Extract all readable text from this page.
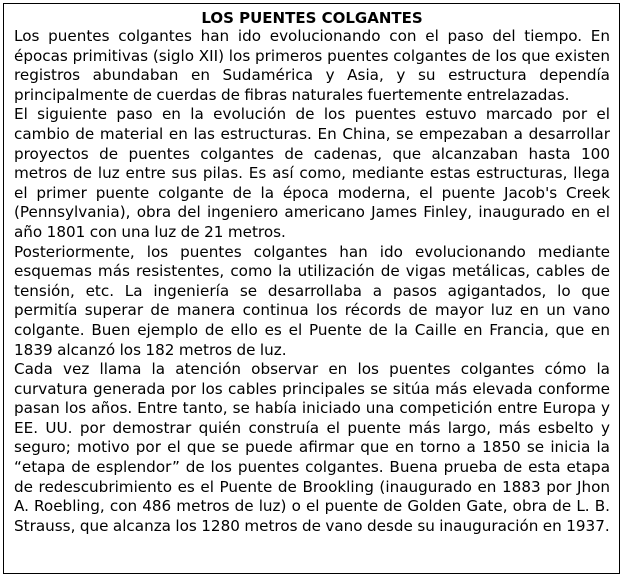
LOS PUENTES COLGANTES

Los puentes colgantes han ido evolucionando con el paso del tiempo. En épocas primitivas (siglo XII) los primeros puentes colgantes de los que existen registros abundaban en Sudamérica y Asia, y su estructura dependía principalmente de cuerdas de fibras naturales fuertemente entrelazadas.

El siguiente paso en la evolución de los puentes estuvo marcado por el cambio de material en las estructuras. En China, se empezaban a desarrollar proyectos de puentes colgantes de cadenas, que alcanzaban hasta 100 metros de luz entre sus pilas. Es así como, mediante estas estructuras, llega el primer puente colgante de la época moderna, el puente Jacob's Creek (Pennsylvania), obra del ingeniero americano James Finley, inaugurado en el año 1801 con una luz de 21 metros.

Posteriormente, los puentes colgantes han ido evolucionando mediante esquemas más resistentes, como la utilización de vigas metálicas, cables de tensión, etc. La ingeniería se desarrollaba a pasos agigantados, lo que permitía superar de manera continua los récords de mayor luz en un vano colgante. Buen ejemplo de ello es el Puente de la Caille en Francia, que en 1839 alcanzó los 182 metros de luz.

Cada vez llama la atención observar en los puentes colgantes cómo la curvatura generada por los cables principales se sitúa más elevada conforme pasan los años. Entre tanto, se había iniciado una competición entre Europa y EE. UU. por demostrar quién construía el puente más largo, más esbelto y seguro; motivo por el que se puede afirmar que en torno a 1850 se inicia la “etapa de esplendor” de los puentes colgantes. Buena prueba de esta etapa de redescubrimiento es el Puente de Brookling (inaugurado en 1883 por Jhon A. Roebling, con 486 metros de luz) o el puente de Golden Gate, obra de L. B. Strauss, que alcanza los 1280 metros de vano desde su inauguración en 1937.
